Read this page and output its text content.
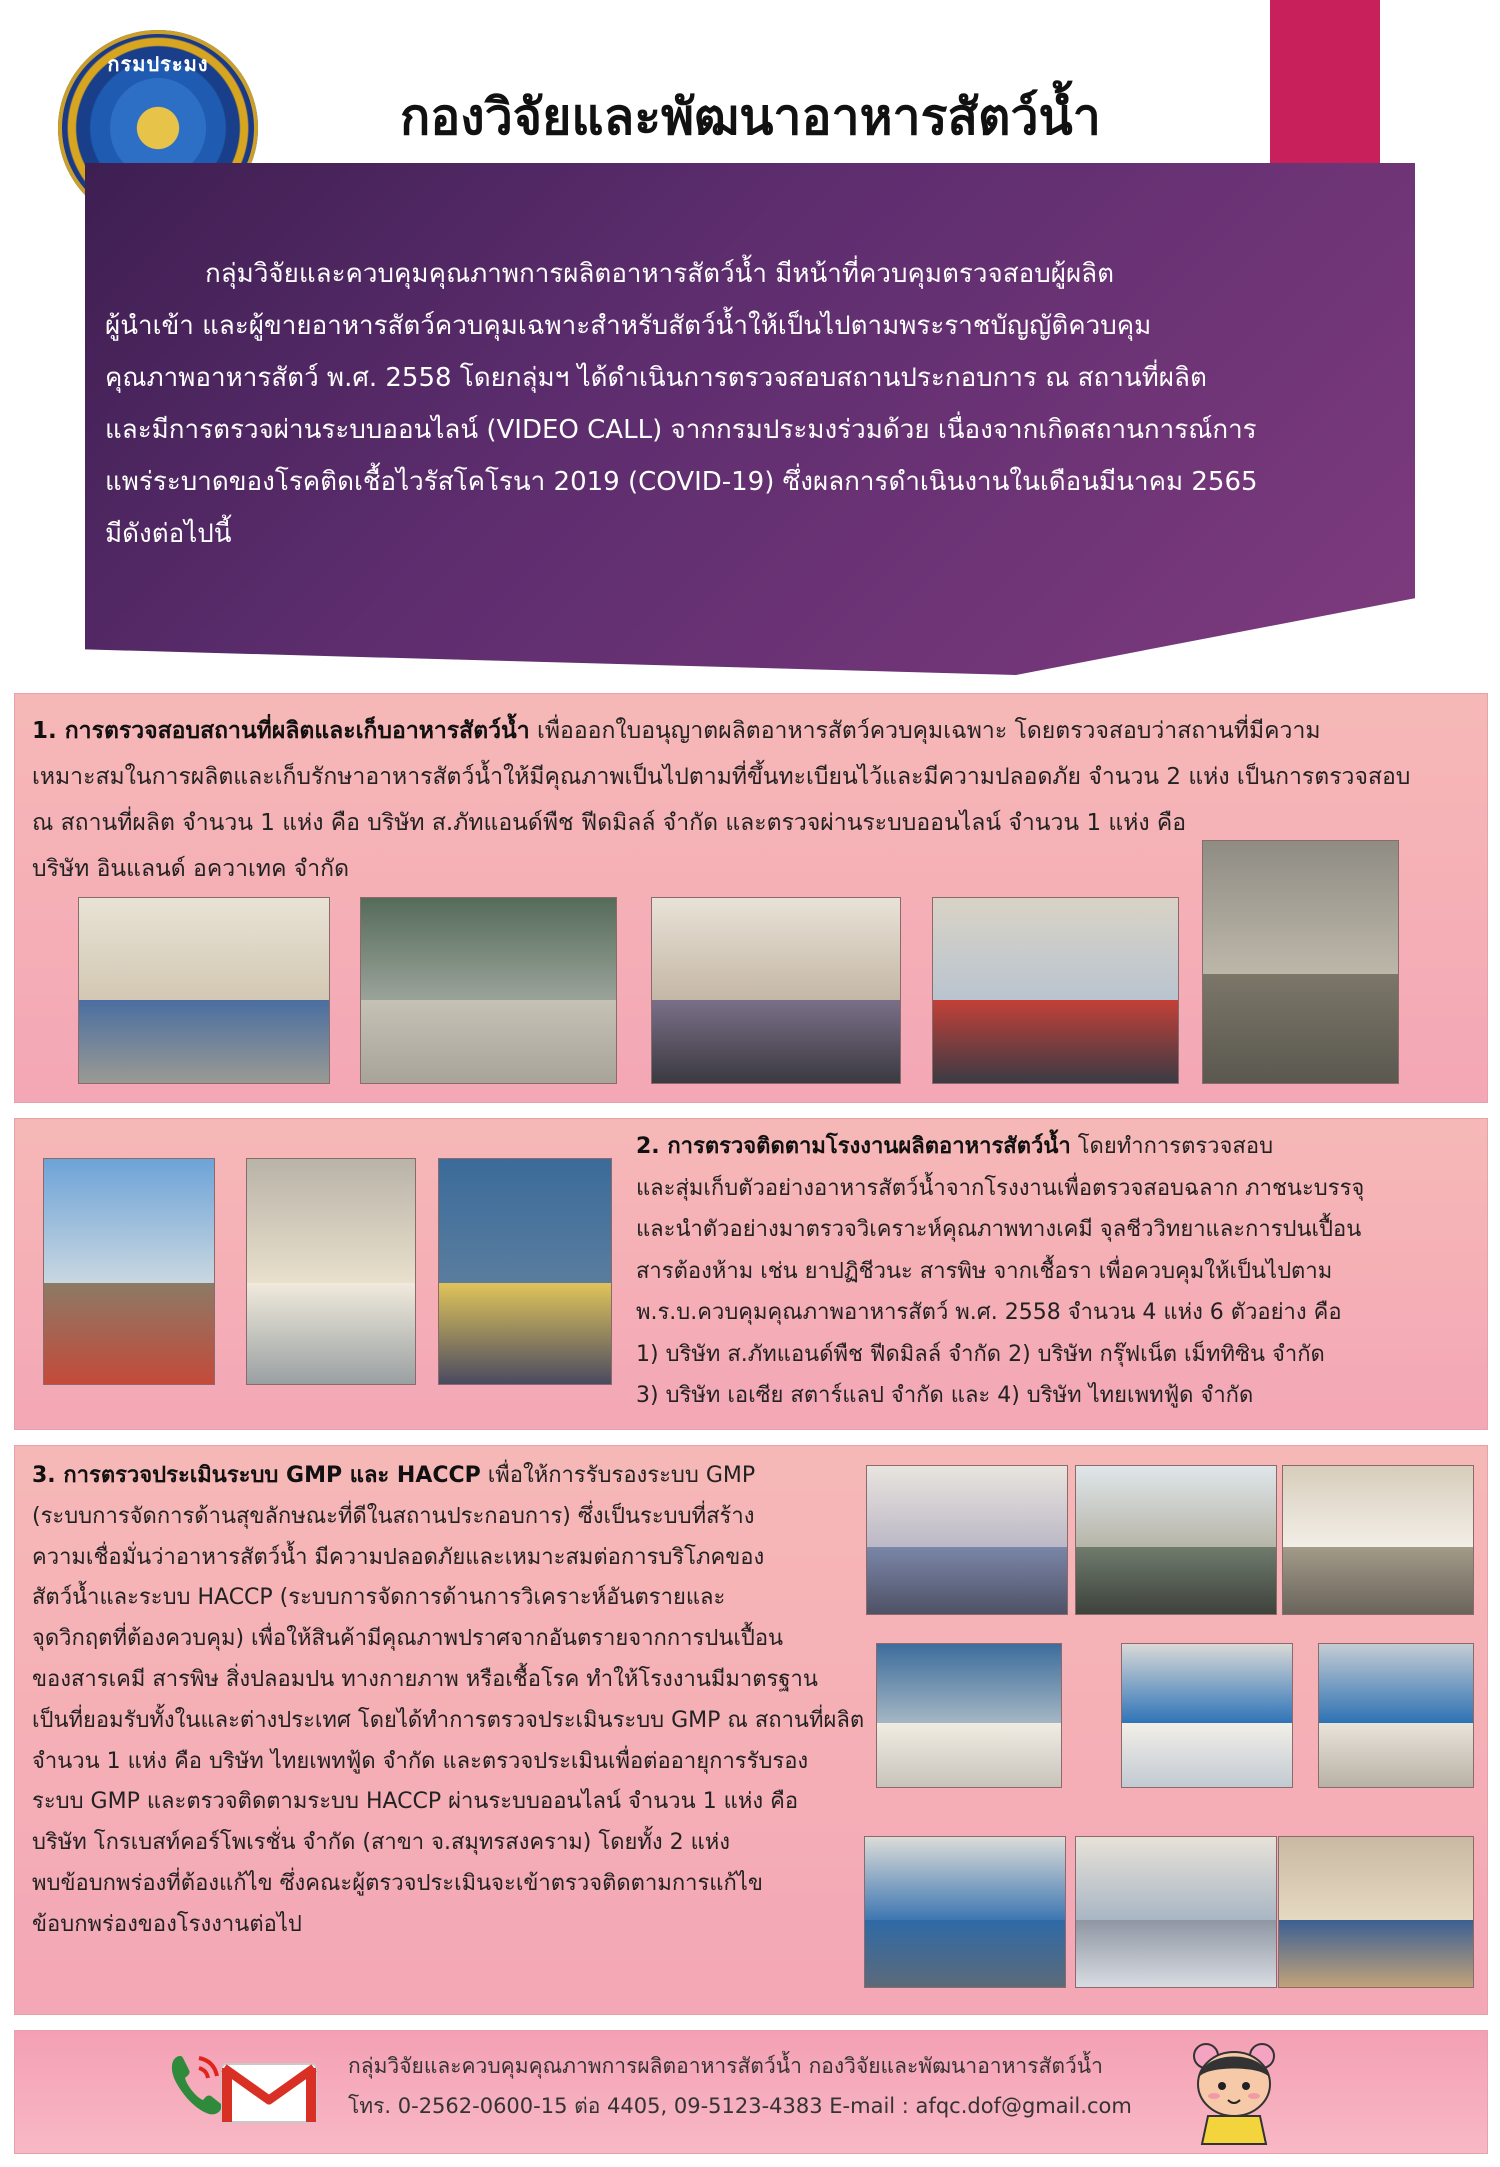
กรมประมง
กองวิจัยและพัฒนาอาหารสัตว์น้ำ
กลุ่มวิจัยและควบคุมคุณภาพการผลิตอาหารสัตว์น้ำ มีหน้าที่ควบคุมตรวจสอบผู้ผลิต
ผู้นำเข้า และผู้ขายอาหารสัตว์ควบคุมเฉพาะสำหรับสัตว์น้ำให้เป็นไปตามพระราชบัญญัติควบคุม
คุณภาพอาหารสัตว์ พ.ศ. 2558 โดยกลุ่มฯ ได้ดำเนินการตรวจสอบสถานประกอบการ ณ สถานที่ผลิต
และมีการตรวจผ่านระบบออนไลน์ (VIDEO CALL) จากกรมประมงร่วมด้วย เนื่องจากเกิดสถานการณ์การ
แพร่ระบาดของโรคติดเชื้อไวรัสโคโรนา 2019 (COVID-19) ซึ่งผลการดำเนินงานในเดือนมีนาคม 2565
มีดังต่อไปนี้
1. การตรวจสอบสถานที่ผลิตและเก็บอาหารสัตว์น้ำ เพื่อออกใบอนุญาตผลิตอาหารสัตว์ควบคุมเฉพาะ โดยตรวจสอบว่าสถานที่มีความ
เหมาะสมในการผลิตและเก็บรักษาอาหารสัตว์น้ำให้มีคุณภาพเป็นไปตามที่ขึ้นทะเบียนไว้และมีความปลอดภัย จำนวน 2 แห่ง เป็นการตรวจสอบ
ณ สถานที่ผลิต จำนวน 1 แห่ง คือ บริษัท ส.ภัทแอนด์พืช ฟีดมิลล์ จำกัด และตรวจผ่านระบบออนไลน์ จำนวน 1 แห่ง คือ
บริษัท อินแลนด์ อควาเทค จำกัด
2. การตรวจติดตามโรงงานผลิตอาหารสัตว์น้ำ โดยทำการตรวจสอบ
และสุ่มเก็บตัวอย่างอาหารสัตว์น้ำจากโรงงานเพื่อตรวจสอบฉลาก ภาชนะบรรจุ
และนำตัวอย่างมาตรวจวิเคราะห์คุณภาพทางเคมี จุลชีววิทยาและการปนเปื้อน
สารต้องห้าม เช่น ยาปฏิชีวนะ สารพิษ จากเชื้อรา เพื่อควบคุมให้เป็นไปตาม
พ.ร.บ.ควบคุมคุณภาพอาหารสัตว์ พ.ศ. 2558 จำนวน 4 แห่ง 6 ตัวอย่าง คือ
1) บริษัท ส.ภัทแอนด์พืช ฟีดมิลล์ จำกัด 2) บริษัท กรุ๊ฟเน็ต เม็ททิซิน จำกัด
3) บริษัท เอเซีย สตาร์แลป จำกัด และ 4) บริษัท ไทยเพทฟู้ด จำกัด
3. การตรวจประเมินระบบ GMP และ HACCP เพื่อให้การรับรองระบบ GMP
(ระบบการจัดการด้านสุขลักษณะที่ดีในสถานประกอบการ) ซึ่งเป็นระบบที่สร้าง
ความเชื่อมั่นว่าอาหารสัตว์น้ำ มีความปลอดภัยและเหมาะสมต่อการบริโภคของ
สัตว์น้ำและระบบ HACCP (ระบบการจัดการด้านการวิเคราะห์อันตรายและ
จุดวิกฤตที่ต้องควบคุม) เพื่อให้สินค้ามีคุณภาพปราศจากอันตรายจากการปนเปื้อน
ของสารเคมี สารพิษ สิ่งปลอมปน ทางกายภาพ หรือเชื้อโรค ทำให้โรงงานมีมาตรฐาน
เป็นที่ยอมรับทั้งในและต่างประเทศ โดยได้ทำการตรวจประเมินระบบ GMP ณ สถานที่ผลิต
จำนวน 1 แห่ง คือ บริษัท ไทยเพทฟู้ด จำกัด และตรวจประเมินเพื่อต่ออายุการรับรอง
ระบบ GMP และตรวจติดตามระบบ HACCP ผ่านระบบออนไลน์ จำนวน 1 แห่ง คือ
บริษัท โกรเบสท์คอร์โพเรชั่น จำกัด (สาขา จ.สมุทรสงคราม) โดยทั้ง 2 แห่ง
พบข้อบกพร่องที่ต้องแก้ไข ซึ่งคณะผู้ตรวจประเมินจะเข้าตรวจติดตามการแก้ไข
ข้อบกพร่องของโรงงานต่อไป
กลุ่มวิจัยและควบคุมคุณภาพการผลิตอาหารสัตว์น้ำ กองวิจัยและพัฒนาอาหารสัตว์น้ำ
โทร. 0-2562-0600-15 ต่อ 4405, 09-5123-4383 E-mail : afqc.dof@gmail.com
